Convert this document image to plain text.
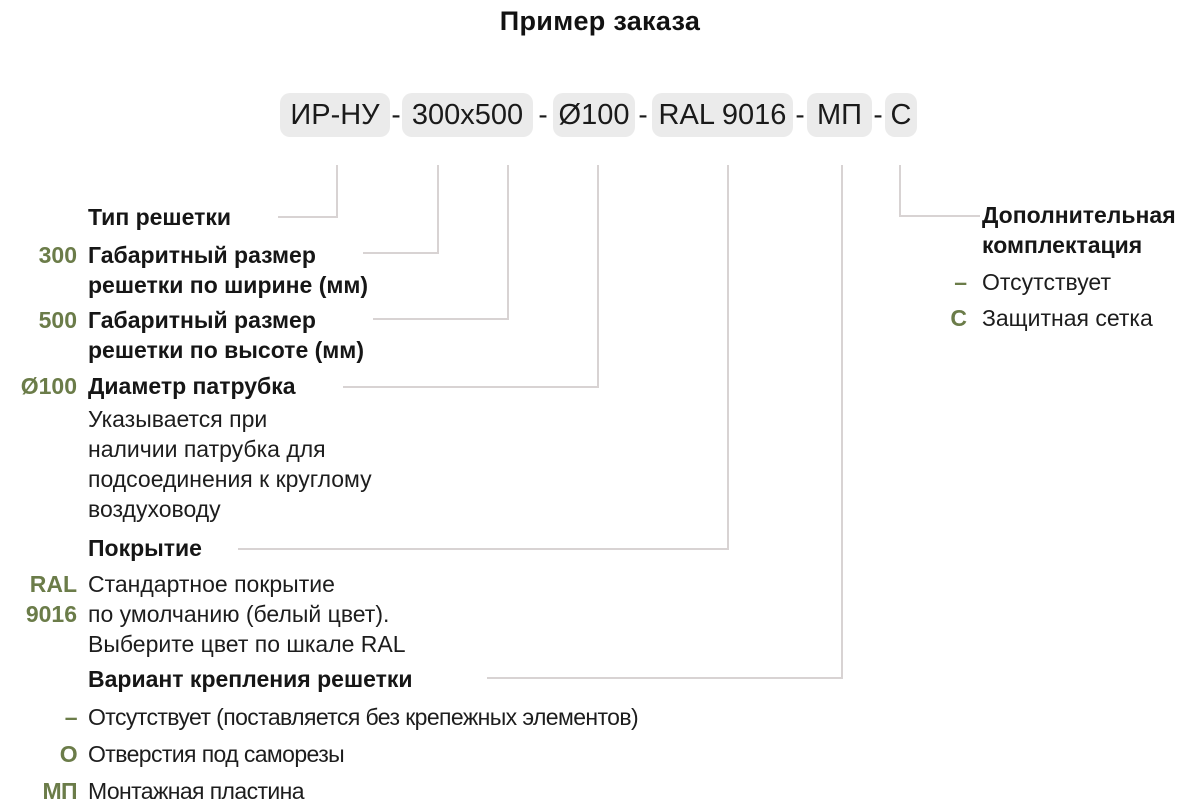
Пример заказа
ИР-НУ - 300x500 - Ø100 - RAL 9016 - МП - С
Тип решетки
300 Габаритный размер
решетки по ширине (мм)
500 Габаритный размер
решетки по высоте (мм)
Ø100 Диаметр патрубка
Указывается при
наличии патрубка для
подсоединения к круглому
воздуховоду
Покрытие
RAL
9016
Стандартное покрытие
по умолчанию (белый цвет).
Выберите цвет по шкале RAL
Вариант крепления решетки
– Отсутствует (поставляется без крепежных элементов)
О Отверстия под саморезы
МП Монтажная пластина
Дополнительная
комплектация
– Отсутствует
С Защитная сетка
